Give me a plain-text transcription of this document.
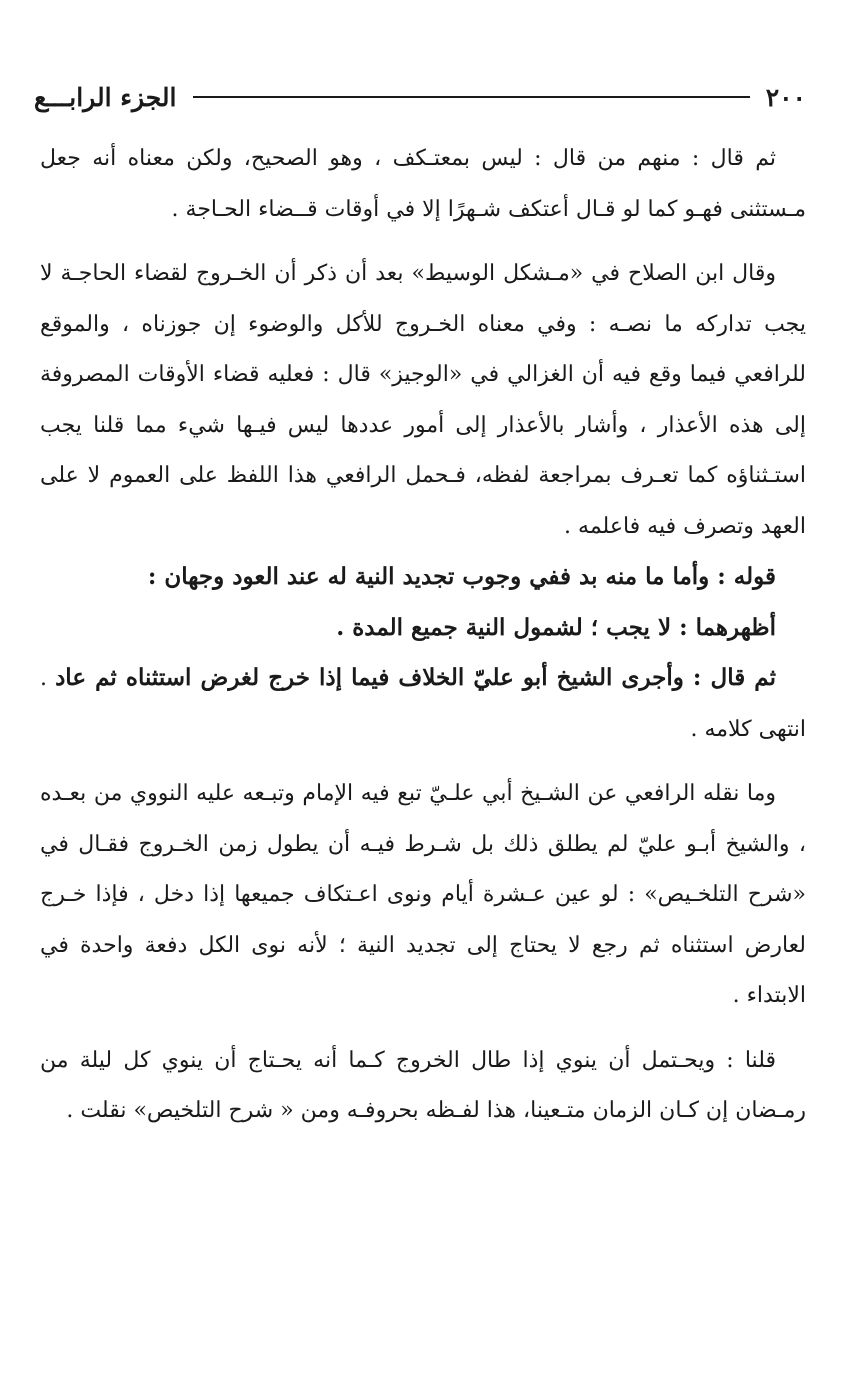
٢٠٠
الجزء الرابـــع

ثم قال : منهم من قال : ليس بمعتـكف ، وهو الصحيح، ولكن معناه أنه جعل مـستثنى فهـو كما لو قـال أعتكف شـهرًا إلا في أوقات قــضاء الحـاجة .

وقال ابن الصلاح في «مـشكل الوسيط» بعد أن ذكر أن الخـروج لقضاء الحاجـة لا يجب تداركه ما نصـه : وفي معناه الخـروج للأكل والوضوء إن جوزناه ، والموقع للرافعي فيما وقع فيه أن الغزالي في «الوجيز» قال : فعليه قضاء الأوقات المصروفة إلى هذه الأعذار ، وأشار بالأعذار إلى أمور عددها ليس فيـها شيء مما قلنا يجب استـثناؤه كما تعـرف بمراجعة لفظه، فـحمل الرافعي هذا اللفظ على العموم لا على العهد وتصرف فيه فاعلمه .

قوله : وأما ما منه بد ففي وجوب تجديد النية له عند العود وجهان :

أظهرهما : لا يجب ؛ لشمول النية جميع المدة .

ثم قال : وأجرى الشيخ أبو عليّ الخلاف فيما إذا خرج لغرض استثناه ثم عاد . انتهى كلامه .

وما نقله الرافعي عن الشـيخ أبي علـيّ تبع فيه الإمام وتبـعه عليه النووي من بعـده ، والشيخ أبـو عليّ لم يطلق ذلك بل شـرط فيـه أن يطول زمن الخـروج فقـال في «شرح التلخـيص» : لو عين عـشرة أيام ونوى اعـتكاف جميعها إذا دخل ، فإذا خـرج لعارض استثناه ثم رجع لا يحتاج إلى تجديد النية ؛ لأنه نوى الكل دفعة واحدة في الابتداء .

قلنا : ويحـتمل أن ينوي إذا طال الخروج كـما أنه يحـتاج أن ينوي كل ليلة من رمـضان إن كـان الزمان متـعينا، هذا لفـظه بحروفـه ومن « شرح التلخيص» نقلت .
